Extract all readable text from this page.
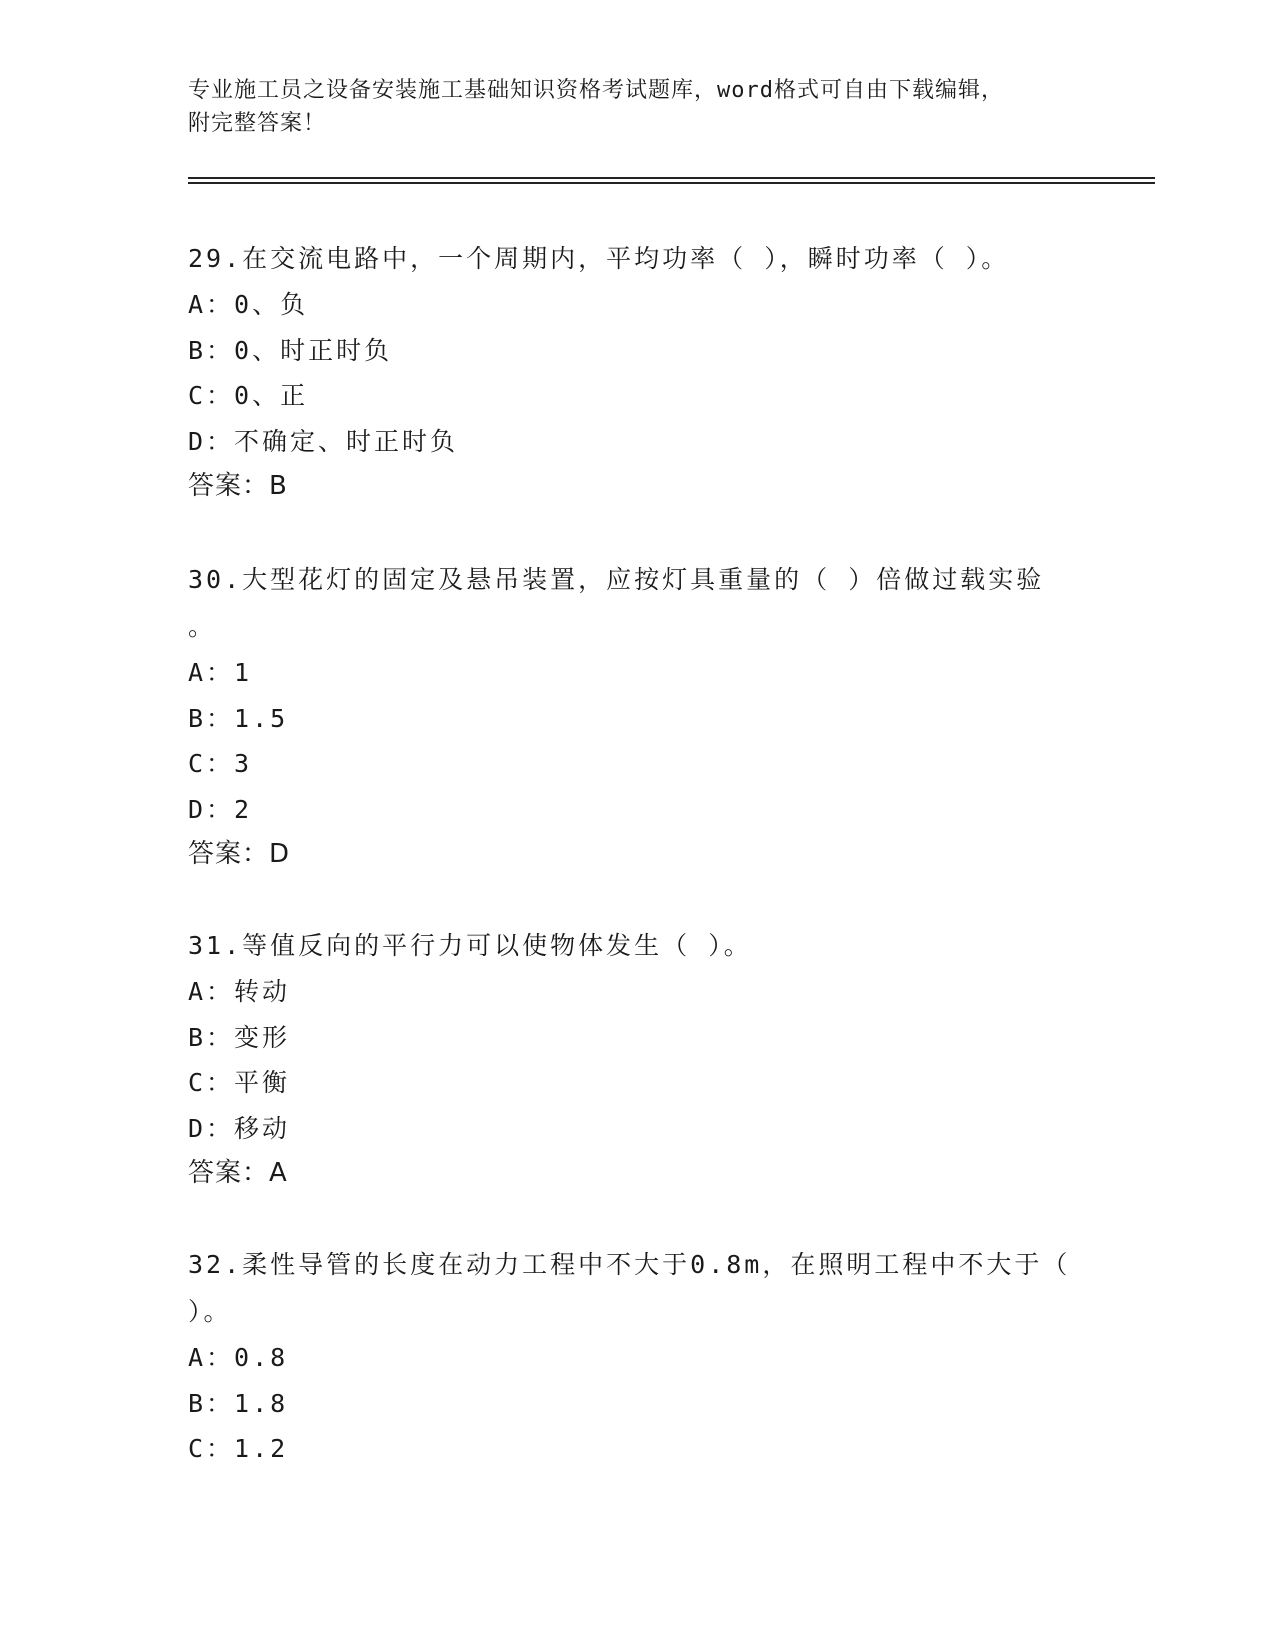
专业施工员之设备安装施工基础知识资格考试题库，word格式可自由下载编辑，
附完整答案！
29.在交流电路中，一个周期内，平均功率（ ），瞬时功率（ ）。
A：0、负
B：0、时正时负
C：0、正
D：不确定、时正时负
答案：B
30.大型花灯的固定及悬吊装置，应按灯具重量的（ ）倍做过载实验
。
A：1
B：1.5
C：3
D：2
答案：D
31.等值反向的平行力可以使物体发生（ ）。
A：转动
B：变形
C：平衡
D：移动
答案：A
32.柔性导管的长度在动力工程中不大于0.8m，在照明工程中不大于（
）。
A：0.8
B：1.8
C：1.2
